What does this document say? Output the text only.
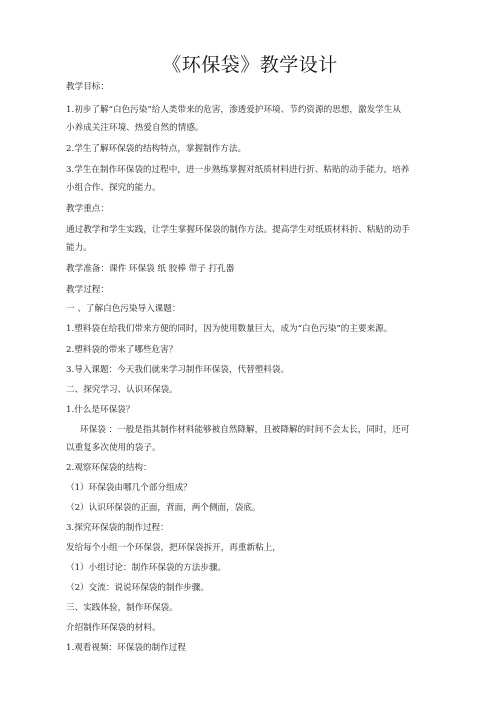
《环保袋》教学设计
教学目标：
1.初步了解“白色污染”给人类带来的危害，渗透爱护环境、节约资源的思想，激发学生从
小养成关注环境、热爱自然的情感。
2.学生了解环保袋的结构特点，掌握制作方法。
3.学生在制作环保袋的过程中，进一步熟练掌握对纸质材料进行折、粘贴的动手能力，培养
小组合作、探究的能力。
教学重点：
通过教学和学生实践，让学生掌握环保袋的制作方法。提高学生对纸质材料折、粘贴的动手
能力。
教学准备：课件 环保袋 纸 胶棒 带子 打孔器
教学过程：
一 、了解白色污染导入课题：
1.塑料袋在给我们带来方便的同时，因为使用数量巨大，成为“白色污染”的主要来源。
2.塑料袋的带来了哪些危害？
3.导入课题：今天我们就来学习制作环保袋，代替塑料袋。
二、探究学习、认识环保袋。
1.什么是环保袋？
环保袋 ：一般是指其制作材料能够被自然降解，且被降解的时间不会太长，同时，还可
以重复多次使用的袋子。
2.观察环保袋的结构：
（1）环保袋由哪几个部分组成？
（2）认识环保袋的正面，背面，两个侧面，袋底。
3.探究环保袋的制作过程：
发给每个小组一个环保袋，把环保袋拆开，再重新粘上，
（1）小组讨论：制作环保袋的方法步骤。
（2）交流：说说环保袋的制作步骤。
三、实践体验，制作环保袋。
介绍制作环保袋的材料。
1.观看视频：环保袋的制作过程
